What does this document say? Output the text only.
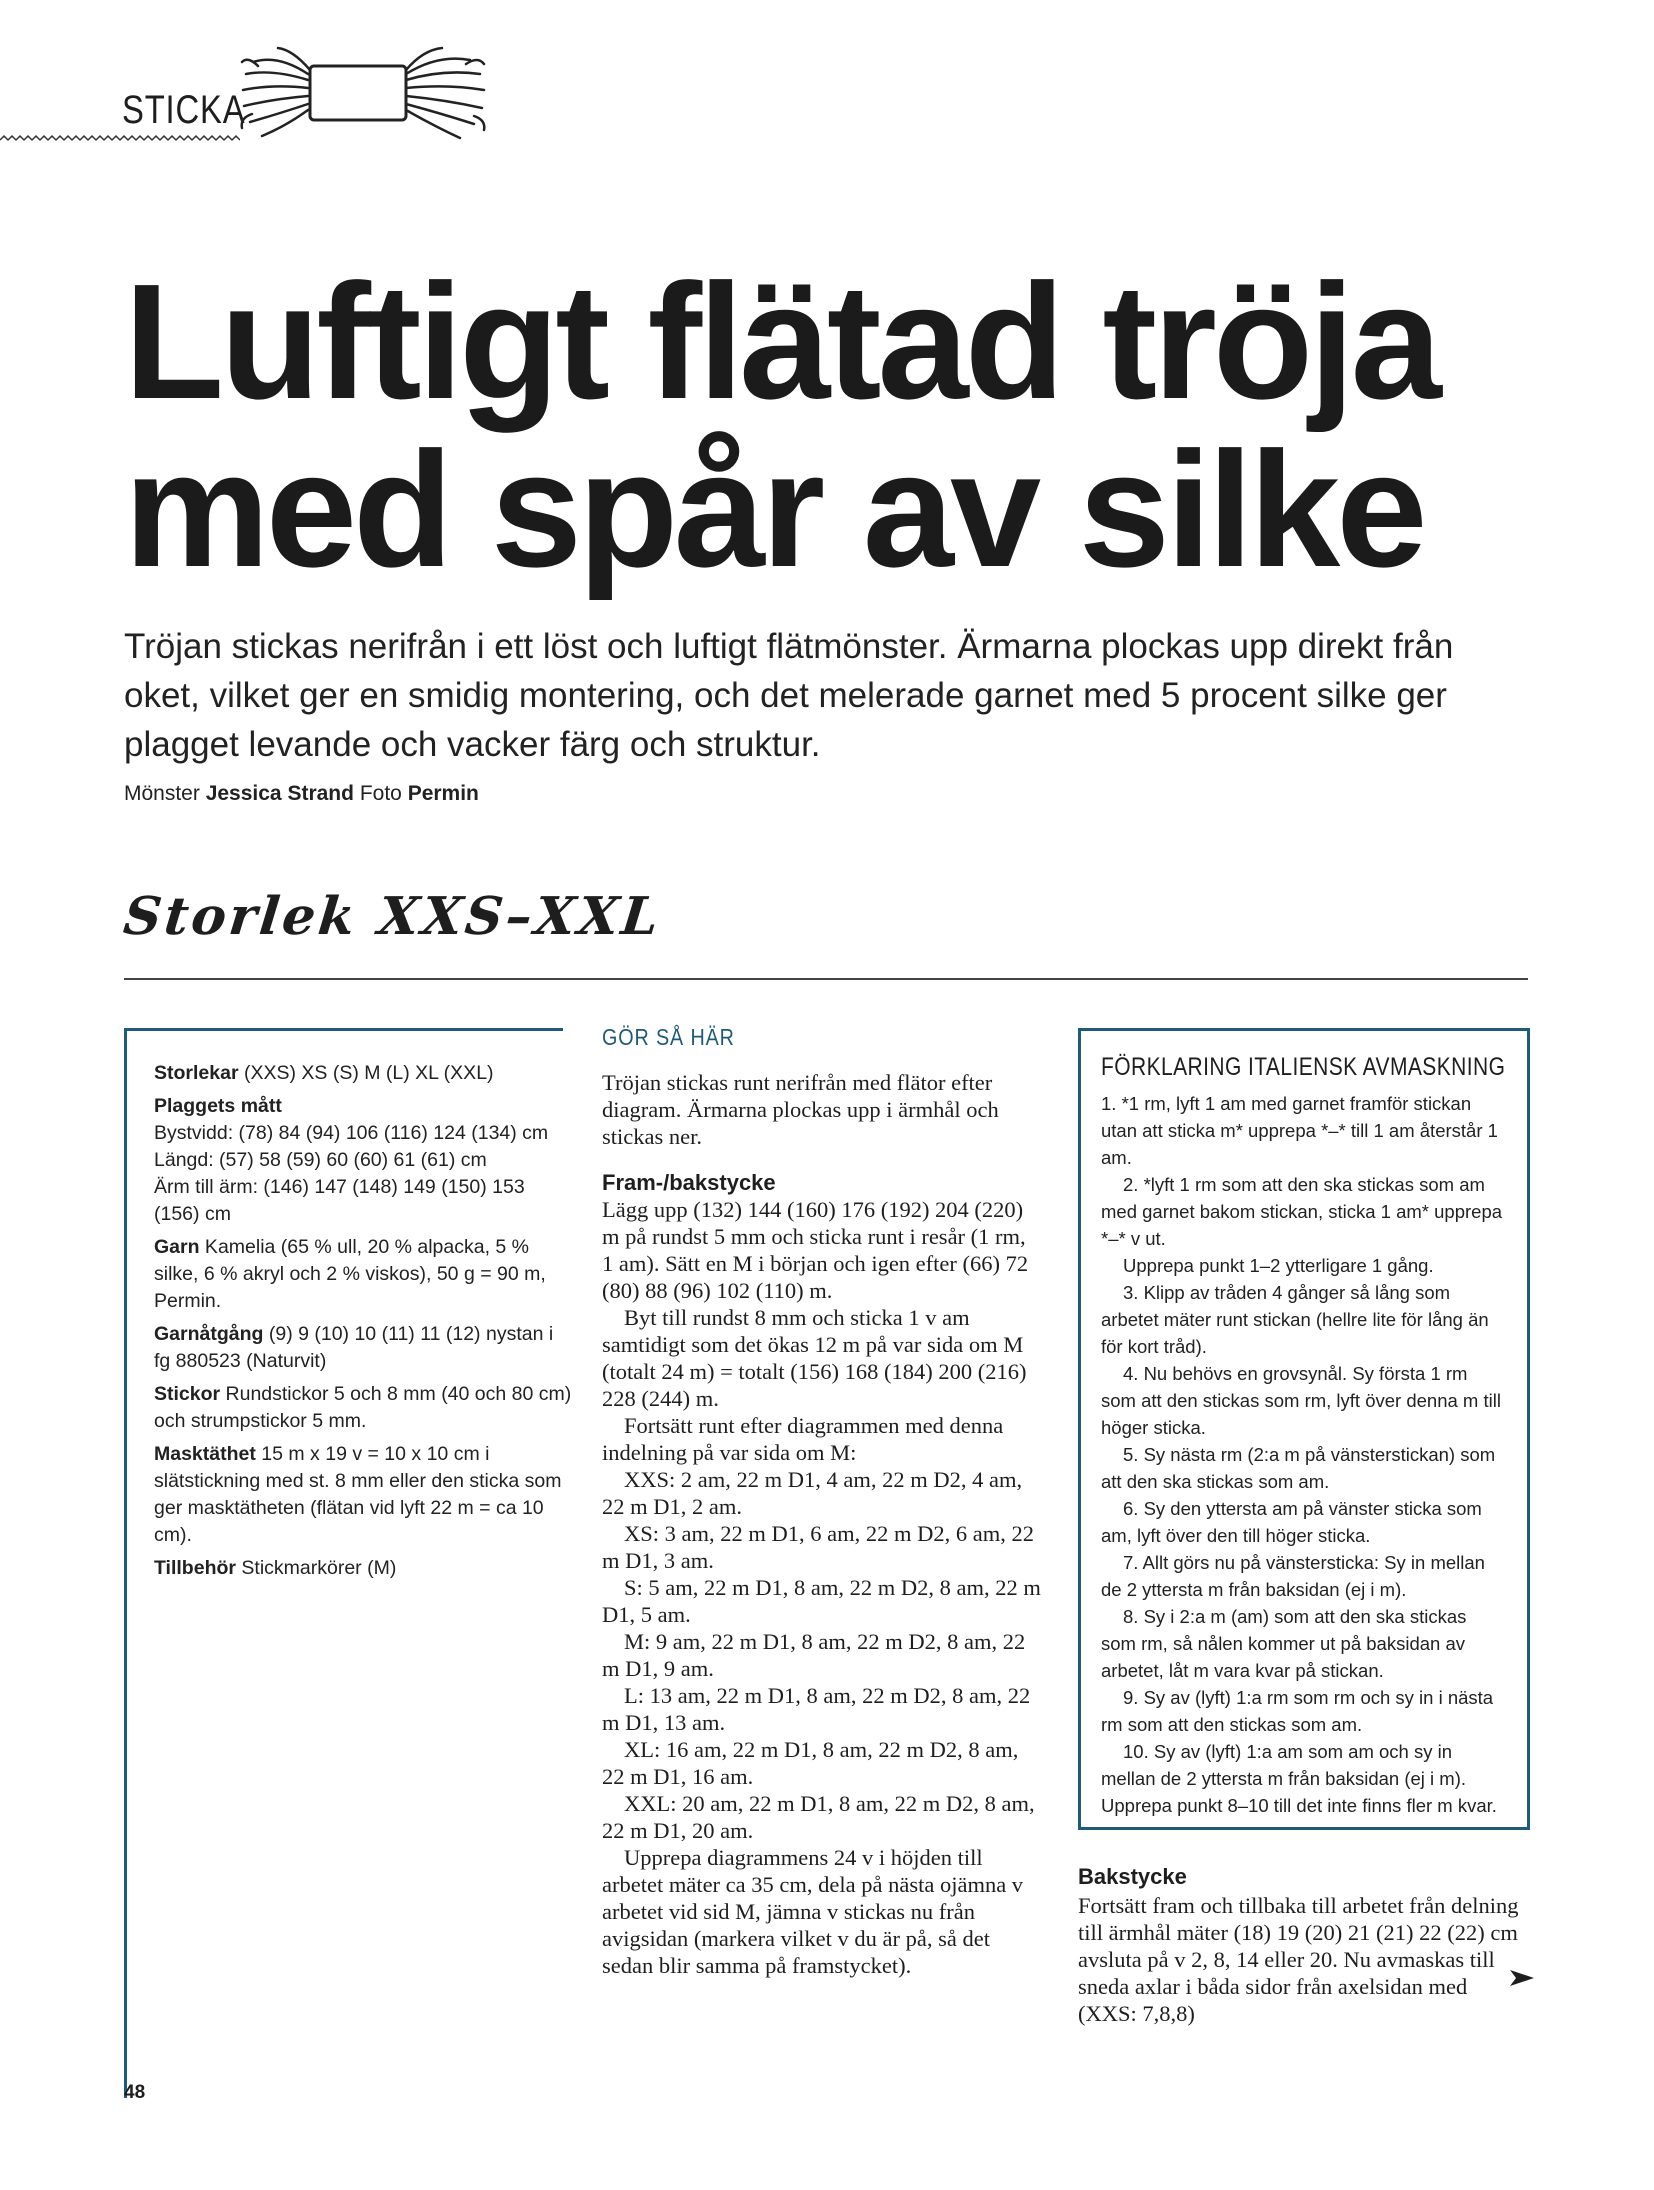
STICKA
Luftigt flätad tröja
med spår av silke

Tröjan stickas nerifrån i ett löst och luftigt flätmönster. Ärmarna plockas upp direkt från oket, vilket ger en smidig montering, och det melerade garnet med 5 procent silke ger plagget levande och vacker färg och struktur.

Mönster Jessica Strand Foto Permin
Storlek XXS–XXL

Storlekar (XXS) XS (S) M (L) XL (XXL)

Plaggets mått

Bystvidd: (78) 84 (94) 106 (116) 124 (134) cm

Längd: (57) 58 (59) 60 (60) 61 (61) cm

Ärm till ärm: (146) 147 (148) 149 (150) 153 (156) cm

Garn Kamelia (65 % ull, 20 % alpacka, 5 % silke, 6 % akryl och 2 % viskos), 50 g = 90 m, Permin.

Garnåtgång (9) 9 (10) 10 (11) 11 (12) nystan i fg 880523 (Naturvit)

Stickor Rundstickor 5 och 8 mm (40 och 80 cm) och strumpstickor 5 mm.

Masktäthet 15 m x 19 v = 10 x 10 cm i slätstickning med st. 8 mm eller den sticka som ger masktätheten (flätan vid lyft 22 m = ca 10 cm).

Tillbehör Stickmarkörer (M)

GÖR SÅ HÄR

Tröjan stickas runt nerifrån med flätor efter diagram. Ärmarna plockas upp i ärmhål och stickas ner.

Fram-/bakstycke

Lägg upp (132) 144 (160) 176 (192) 204 (220) m på rundst 5 mm och sticka runt i resår (1 rm, 1 am). Sätt en M i början och igen efter (66) 72 (80) 88 (96) 102 (110) m.

Byt till rundst 8 mm och sticka 1 v am samtidigt som det ökas 12 m på var sida om M (totalt 24 m) = totalt (156) 168 (184) 200 (216) 228 (244) m.

Fortsätt runt efter diagrammen med denna indelning på var sida om M:

XXS: 2 am, 22 m D1, 4 am, 22 m D2, 4 am, 22 m D1, 2 am.

XS: 3 am, 22 m D1, 6 am, 22 m D2, 6 am, 22 m D1, 3 am.

S: 5 am, 22 m D1, 8 am, 22 m D2, 8 am, 22 m D1, 5 am.

M: 9 am, 22 m D1, 8 am, 22 m D2, 8 am, 22 m D1, 9 am.

L: 13 am, 22 m D1, 8 am, 22 m D2, 8 am, 22 m D1, 13 am.

XL: 16 am, 22 m D1, 8 am, 22 m D2, 8 am, 22 m D1, 16 am.

XXL: 20 am, 22 m D1, 8 am, 22 m D2, 8 am, 22 m D1, 20 am.

Upprepa diagrammens 24 v i höjden till arbetet mäter ca 35 cm, dela på nästa ojämna v arbetet vid sid M, jämna v stickas nu från avigsidan (markera vilket v du är på, så det sedan blir samma på framstycket).

FÖRKLARING ITALIENSK AVMASKNING

1. *1 rm, lyft 1 am med garnet framför stickan utan att sticka m* upprepa *–* till 1 am återstår 1 am.

2. *lyft 1 rm som att den ska stickas som am med garnet bakom stickan, sticka 1 am* upprepa *–* v ut.

Upprepa punkt 1–2 ytterligare 1 gång.

3. Klipp av tråden 4 gånger så lång som arbetet mäter runt stickan (hellre lite för lång än för kort tråd).

4. Nu behövs en grovsynål. Sy första 1 rm som att den stickas som rm, lyft över denna m till höger sticka.

5. Sy nästa rm (2:a m på vänsterstickan) som att den ska stickas som am.

6. Sy den yttersta am på vänster sticka som am, lyft över den till höger sticka.

7. Allt görs nu på vänstersticka: Sy in mellan de 2 yttersta m från baksidan (ej i m).

8. Sy i 2:a m (am) som att den ska stickas som rm, så nålen kommer ut på baksidan av arbetet, låt m vara kvar på stickan.

9. Sy av (lyft) 1:a rm som rm och sy in i nästa rm som att den stickas som am.

10. Sy av (lyft) 1:a am som am och sy in mellan de 2 yttersta m från baksidan (ej i m). Upprepa punkt 8–10 till det inte finns fler m kvar.

Bakstycke

Fortsätt fram och tillbaka till arbetet från delning till ärmhål mäter (18) 19 (20) 21 (21) 22 (22) cm avsluta på v 2, 8, 14 eller 20. Nu avmaskas till sneda axlar i båda sidor från axelsidan med (XXS: 7,8,8)

48
